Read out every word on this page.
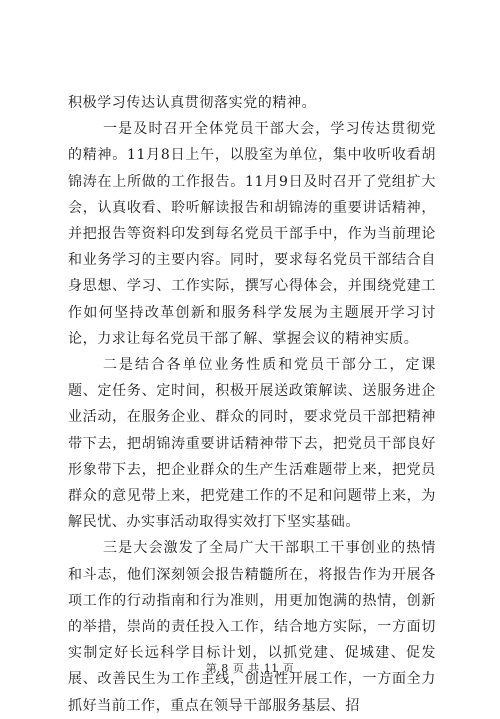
积极学习传达认真贯彻落实党的精神。

一是及时召开全体党员干部大会，学习传达贯彻党的精神。11月8日上午，以股室为单位，集中收听收看胡锦涛在上所做的工作报告。11月9日及时召开了党组扩大会，认真收看、聆听解读报告和胡锦涛的重要讲话精神，并把报告等资料印发到每名党员干部手中，作为当前理论和业务学习的主要内容。同时，要求每名党员干部结合自身思想、学习、工作实际，撰写心得体会，并围绕党建工作如何坚持改革创新和服务科学发展为主题展开学习讨论，力求让每名党员干部了解、掌握会议的精神实质。

二是结合各单位业务性质和党员干部分工，定课题、定任务、定时间，积极开展送政策解读、送服务进企业活动，在服务企业、群众的同时，要求党员干部把精神带下去，把胡锦涛重要讲话精神带下去，把党员干部良好形象带下去，把企业群众的生产生活难题带上来，把党员群众的意见带上来，把党建工作的不足和问题带上来，为解民忧、办实事活动取得实效打下坚实基础。

三是大会激发了全局广大干部职工干事创业的热情和斗志，他们深刻领会报告精髓所在，将报告作为开展各项工作的行动指南和行为准则，用更加饱满的热情，创新的举措，崇尚的责任投入工作，结合地方实际，一方面切实制定好长远科学目标计划，以抓党建、促城建、促发展、改善民生为工作主线，创造性开展工作，一方面全力抓好当前工作，重点在领导干部服务基层、招

第 8 页 共 11 页
